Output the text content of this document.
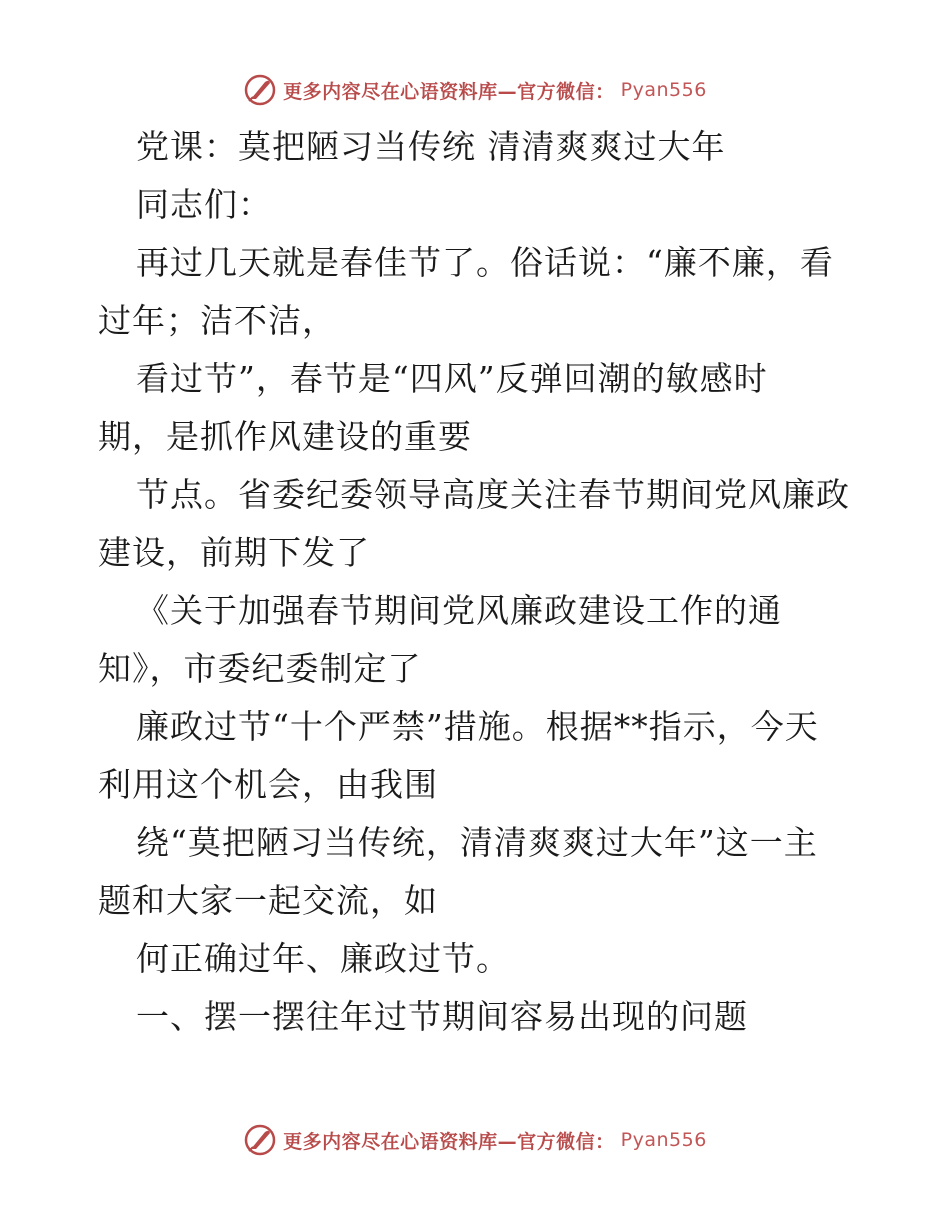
更多内容尽在心语资料库—官方微信： Pyan556
党课：莫把陋习当传统 清清爽爽过大年
同志们：
再过几天就是春佳节了。俗话说：“廉不廉，看
过年；洁不洁，
看过节”，春节是“四风”反弹回潮的敏感时
期，是抓作风建设的重要
节点。省委纪委领导高度关注春节期间党风廉政
建设，前期下发了
《关于加强春节期间党风廉政建设工作的通
知》，市委纪委制定了
廉政过节“十个严禁”措施。根据**指示，今天
利用这个机会，由我围
绕“莫把陋习当传统，清清爽爽过大年”这一主
题和大家一起交流，如
何正确过年、廉政过节。
一、摆一摆往年过节期间容易出现的问题
更多内容尽在心语资料库—官方微信： Pyan556
